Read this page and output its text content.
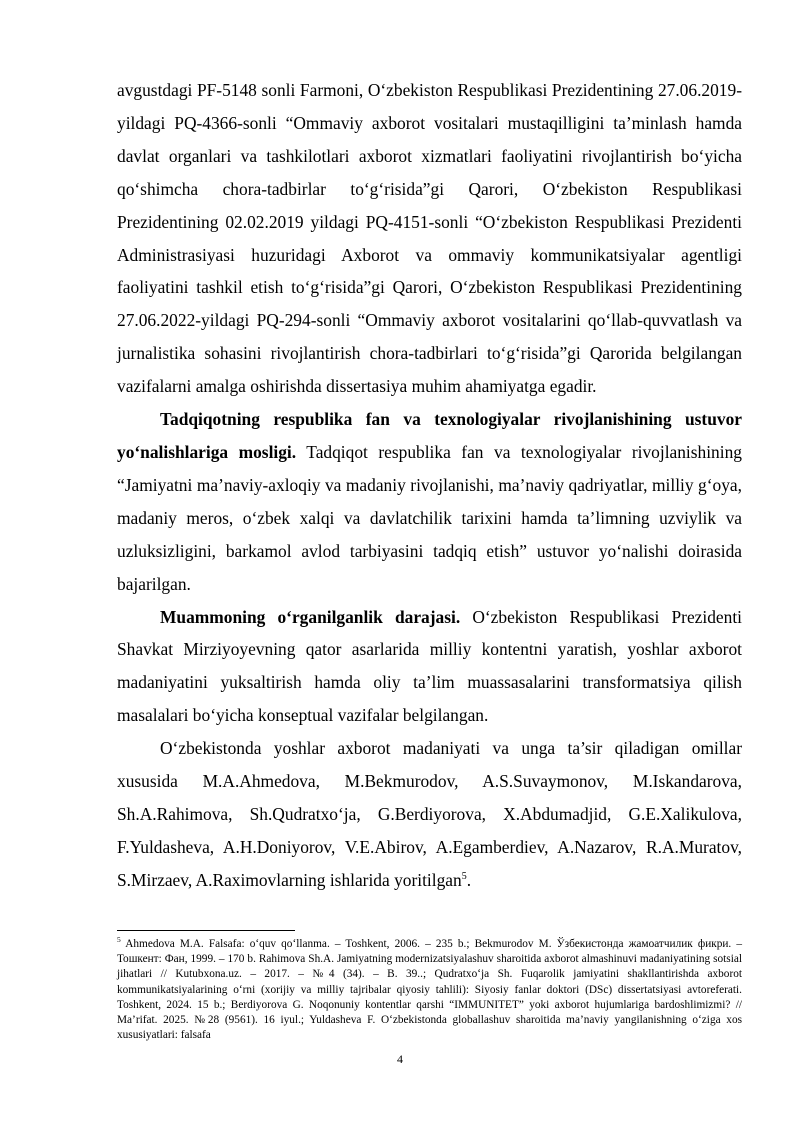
avgustdagi PF-5148 sonli Farmoni, O‘zbekiston Respublikasi Prezidentining 27.06.2019-yildagi PQ-4366-sonli “Ommaviy axborot vositalari mustaqilligini ta’minlash hamda davlat organlari va tashkilotlari axborot xizmatlari faoliyatini rivojlantirish bo‘yicha qo‘shimcha chora-tadbirlar to‘g‘risida”gi Qarori, O‘zbekiston Respublikasi Prezidentining 02.02.2019 yildagi PQ-4151-sonli “O‘zbekiston Respublikasi Prezidenti Administrasiyasi huzuridagi Axborot va ommaviy kommunikatsiyalar agentligi faoliyatini tashkil etish to‘g‘risida”gi Qarori, O‘zbekiston Respublikasi Prezidentining 27.06.2022-yildagi PQ-294-sonli “Ommaviy axborot vositalarini qo‘llab-quvvatlash va jurnalistika sohasini rivojlantirish chora-tadbirlari to‘g‘risida”gi Qarorida belgilangan vazifalarni amalga oshirishda dissertasiya muhim ahamiyatga egadir.

Tadqiqotning respublika fan va texnologiyalar rivojlanishining ustuvor yo‘nalishlariga mosligi. Tadqiqot respublika fan va texnologiyalar rivojlanishining “Jamiyatni ma’naviy-axloqiy va madaniy rivojlanishi, ma’naviy qadriyatlar, milliy g‘oya, madaniy meros, o‘zbek xalqi va davlatchilik tarixini hamda ta’limning uzviylik va uzluksizligini, barkamol avlod tarbiyasini tadqiq etish” ustuvor yo‘nalishi doirasida bajarilgan.

Muammoning o‘rganilganlik darajasi. O‘zbekiston Respublikasi Prezidenti Shavkat Mirziyoyevning qator asarlarida milliy kontentni yaratish, yoshlar axborot madaniyatini yuksaltirish hamda oliy ta’lim muassasalarini transformatsiya qilish masalalari bo‘yicha konseptual vazifalar belgilangan.

O‘zbekistonda yoshlar axborot madaniyati va unga ta’sir qiladigan omillar xususida M.A.Ahmedova, M.Bekmurodov, A.S.Suvaymonov, M.Iskandarova, Sh.A.Rahimova, Sh.Qudratxo‘ja, G.Berdiyorova, X.Abdumadjid, G.E.Xalikulova, F.Yuldasheva, A.H.Doniyorov, V.E.Abirov, A.Egamberdiev, A.Nazarov, R.A.Muratov, S.Mirzaev, A.Raximovlarning ishlarida yoritilgan$^5$.

$^5$ Ahmedova M.A. Falsafa: o‘quv qo‘llanma. – Toshkent, 2006. – 235 b.; Bekmurodov M. Ўзбекистонда жамоатчилик фикри. – Тошкент: Фан, 1999. – 170 b. Rahimova Sh.A. Jamiyatning modernizatsiyalashuv sharoitida axborot almashinuvi madaniyatining sotsial jihatlari // Kutubxona.uz. – 2017. – №4 (34). – B. 39..; Qudratxo‘ja Sh. Fuqarolik jamiyatini shakllantirishda axborot kommunikatsiyalarining o‘rni (xorijiy va milliy tajribalar qiyosiy tahlili): Siyosiy fanlar doktori (DSc) dissertatsiyasi avtoreferati. Toshkent, 2024. 15 b.; Berdiyorova G. Noqonuniy kontentlar qarshi “IMMUNITET” yoki axborot hujumlariga bardoshlimizmi? // Ma’rifat. 2025. №28 (9561). 16 iyul.; Yuldasheva F. O‘zbekistonda globallashuv sharoitida ma’naviy yangilanishning o‘ziga xos xususiyatlari: falsafa

4
